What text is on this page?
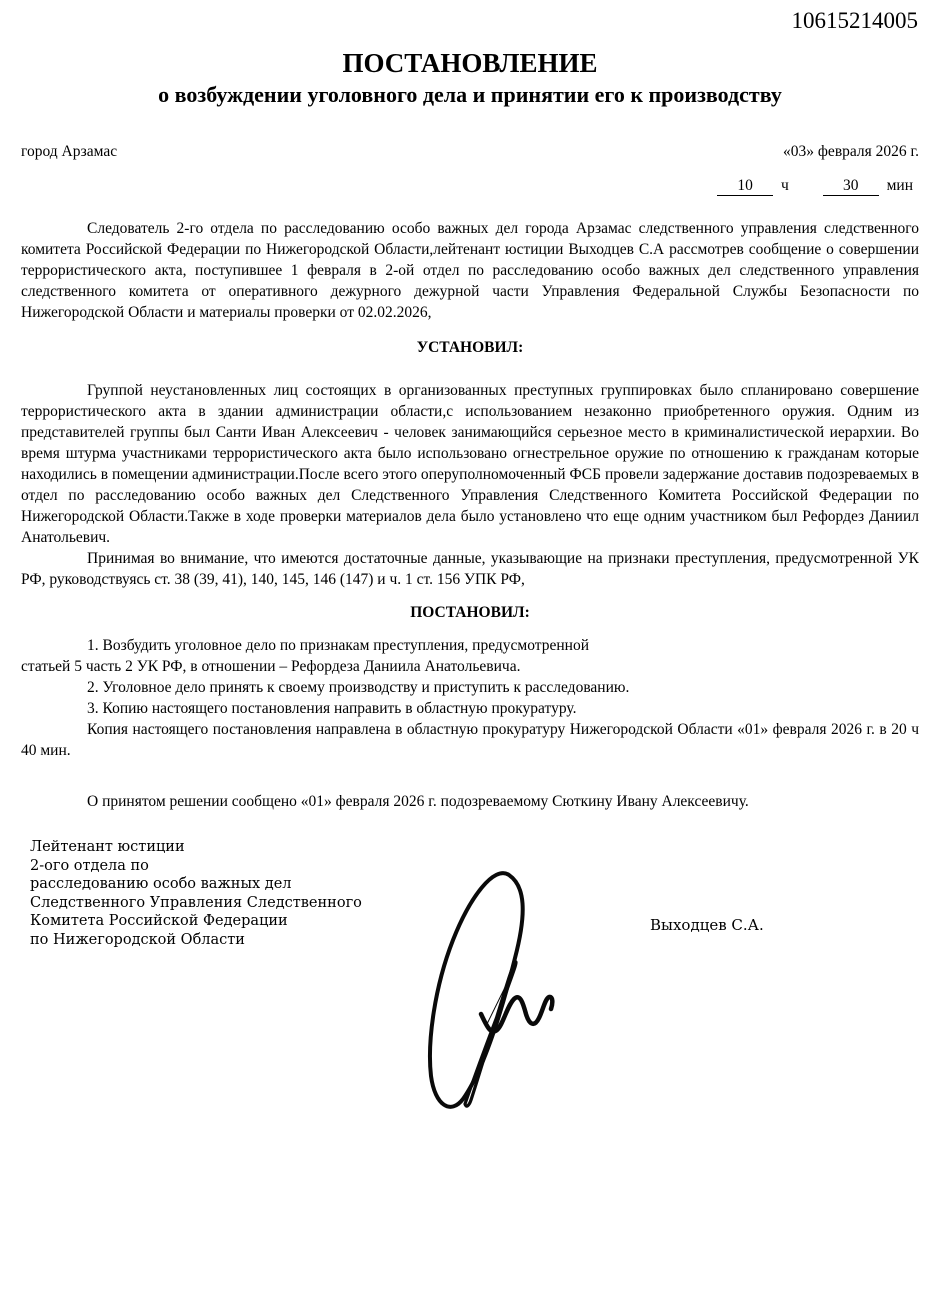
10615214005
ПОСТАНОВЛЕНИЕ
о возбуждении уголовного дела и принятии его к производству
город Арзамас	«03» февраля 2026 г.
10 ч	30 мин

Следователь 2-го отдела по расследованию особо важных дел города Арзамас следственного управления следственного комитета Российской Федерации по Нижегородской Области,лейтенант юстиции Выходцев С.А рассмотрев сообщение о совершении террористического акта, поступившее 1 февраля в 2-ой отдел по расследованию особо важных дел следственного управления следственного комитета от оперативного дежурного дежурной части Управления Федеральной Службы Безопасности по Нижегородской Области и материалы проверки от 02.02.2026,

УСТАНОВИЛ:

Группой неустановленных лиц состоящих в организованных преступных группировках было спланировано совершение террористического акта в здании администрации области,с использованием незаконно приобретенного оружия. Одним из представителей группы был Санти Иван Алексеевич - человек занимающийся серьезное место в криминалистической иерархии. Во время штурма участниками террористического акта было использовано огнестрельное оружие по отношению к гражданам которые находились в помещении администрации.После всего этого оперуполномоченный ФСБ провели задержание доставив подозреваемых в отдел по расследованию особо важных дел Следственного Управления Следственного Комитета Российской Федерации по Нижегородской Области.Также в ходе проверки материалов дела было установлено что еще одним участником был Рефордез Даниил Анатольевич.

Принимая во внимание, что имеются достаточные данные, указывающие на признаки преступления, предусмотренной УК РФ, руководствуясь ст. 38 (39, 41), 140, 145, 146 (147) и ч. 1 ст. 156 УПК РФ,

ПОСТАНОВИЛ:

1. Возбудить уголовное дело по признакам преступления, предусмотренной

статьей 5 часть 2 УК РФ, в отношении – Рефордеза Даниила Анатольевича.

2. Уголовное дело принять к своему производству и приступить к расследованию.

3. Копию настоящего постановления направить в областную прокуратуру.

Копия настоящего постановления направлена в областную прокуратуру Нижегородской Области «01» февраля 2026 г. в 20 ч 40 мин.

О принятом решении сообщено «01» февраля 2026 г. подозреваемому Сюткину Ивану Алексеевичу.

Лейтенант юстиции
2-ого отдела по
расследованию особо важных дел
Следственного Управления Следственного
Комитета Российской Федерации
по Нижегородской Области
Выходцев С.А.
